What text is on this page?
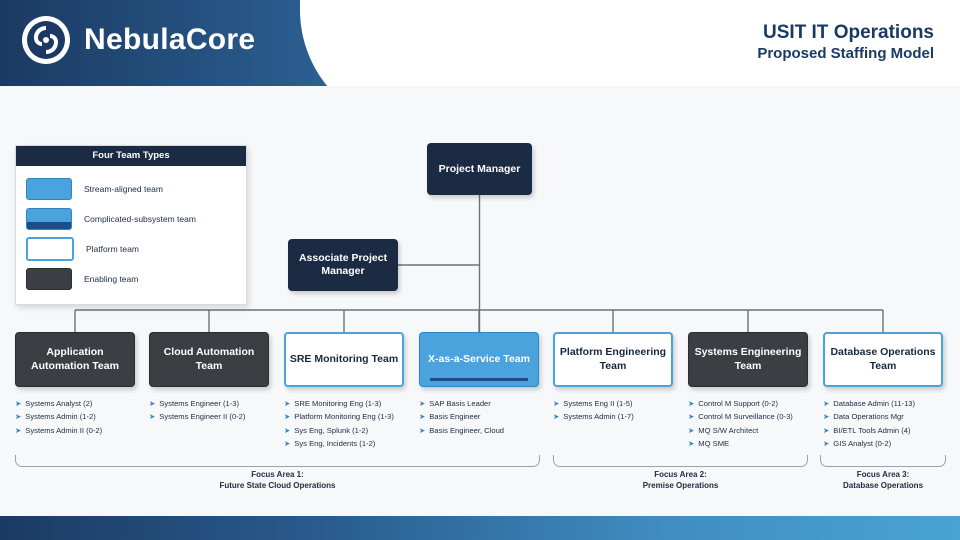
NebulaCore	USIT IT Operations
Proposed Staffing Model
Four Team Types
Stream-aligned team
Complicated-subsystem team
Platform team
Enabling team
Project Manager
Associate Project Manager
Application Automation Team
➤ Systems Analyst (2)
➤ Systems Admin (1-2)
➤ Systems Admin II (0-2)
Cloud Automation Team
➤ Systems Engineer (1-3)
➤ Systems Engineer II (0-2)
SRE Monitoring Team
➤ SRE Monitoring Eng (1-3)
➤ Platform Monitoring Eng (1-3)
➤ Sys Eng, Splunk (1-2)
➤ Sys Eng, Incidents (1-2)
X-as-a-Service Team
➤ SAP Basis Leader
➤ Basis Engineer
➤ Basis Engineer, Cloud
Platform Engineering Team
➤ Systems Eng II (1-5)
➤ Systems Admin (1-7)
Systems Engineering Team
➤ Control M Support (0-2)
➤ Control M Surveillance (0-3)
➤ MQ S/W Architect
➤ MQ SME
Database Operations Team
➤ Database Admin (11-13)
➤ Data Operations Mgr
➤ BI/ETL Tools Admin (4)
➤ GIS Analyst (0-2)
Focus Area 1:
Future State Cloud Operations
Focus Area 2:
Premise Operations
Focus Area 3:
Database Operations
